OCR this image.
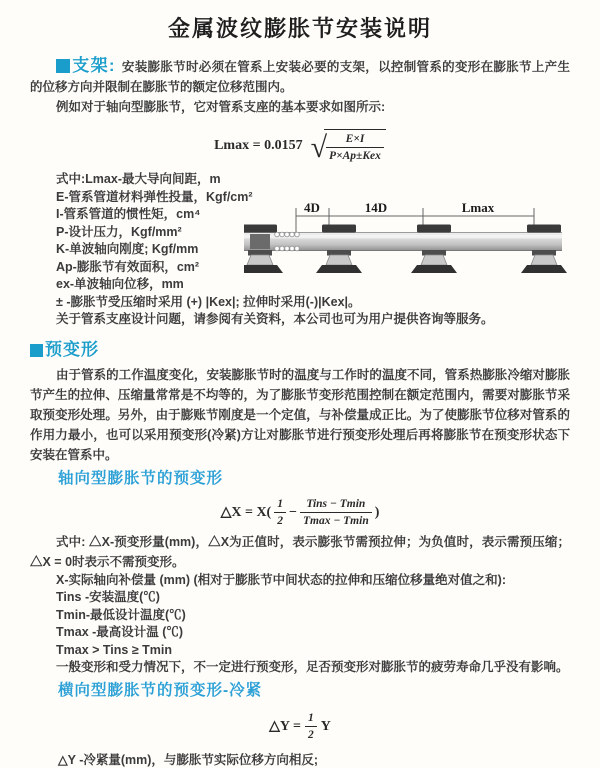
金属波纹膨胀节安装说明

支架: 安装膨胀节时必须在管系上安装必要的支架，以控制管系的变形在膨胀节上产生的位移方向并限制在膨胀节的额定位移范围内。

例如对于轴向型膨胀节，它对管系支座的基本要求如图所示:

Lmax = 0.0157 √ $\frac{E\times I}{\text{P×Ap±Kex}}$
式中:Lmax-最大导向间距，m
E-管系管道材料弹性投量，Kgf/cm²
I-管系管道的惯性矩，cm⁴
P-设计压力，Kgf/mm²
K-单波轴向刚度; Kgf/mm
Ap-膨胀节有效面积，cm²
ex-单波轴向位移，mm
± -膨胀节受压缩时采用 (+) |Kex|; 拉伸时采用(-)|Kex|。
关于管系支座设计问题，请参阅有关资料，本公司也可为用户提供咨询等服务。
4D	14D	Lmax
预变形

由于管系的工作温度变化，安装膨胀节时的温度与工作时的温度不同，管系热膨胀冷缩对膨胀节产生的拉伸、压缩量常常是不均等的，为了膨胀节变形范围控制在额定范围内，需要对膨胀节采取预变形处理。另外，由于膨账节刚度是一个定值，与补偿量成正比。为了使膨胀节位移对管系的作用力最小，也可以采用预变形(冷紧)方让对膨胀节进行预变形处理后再将膨胀节在预变形状态下安装在管系中。

轴向型膨胀节的预变形
△X = $X( \frac{1}{2} - \frac{\text{Tins − Tmin}}{Tmax - Tmin}$ )

式中: △X-预变形量(mm)，△X为正值时，表示膨张节需预拉伸；为负值时，表示需预压缩；△X = 0时表示不需预变形。

X-实际轴向补偿量 (mm) (相对于膨胀节中间状态的拉伸和压缩位移量绝对值之和):
Tins -安装温度(℃)
Tmin-最低设计温度(℃)
Tmax -最高设计温 (℃)
Tmax > Tins ≥ Tmin
一般变形和受力情况下，不一定进行预变形，足否预变形对膨胀节的疲劳寿命几乎没有影响。
横向型膨胀节的预变形-冷紧
△Y = $\frac{1}{2}$ Y
△Y -冷紧量(mm)，与膨胀节实际位移方向相反;
